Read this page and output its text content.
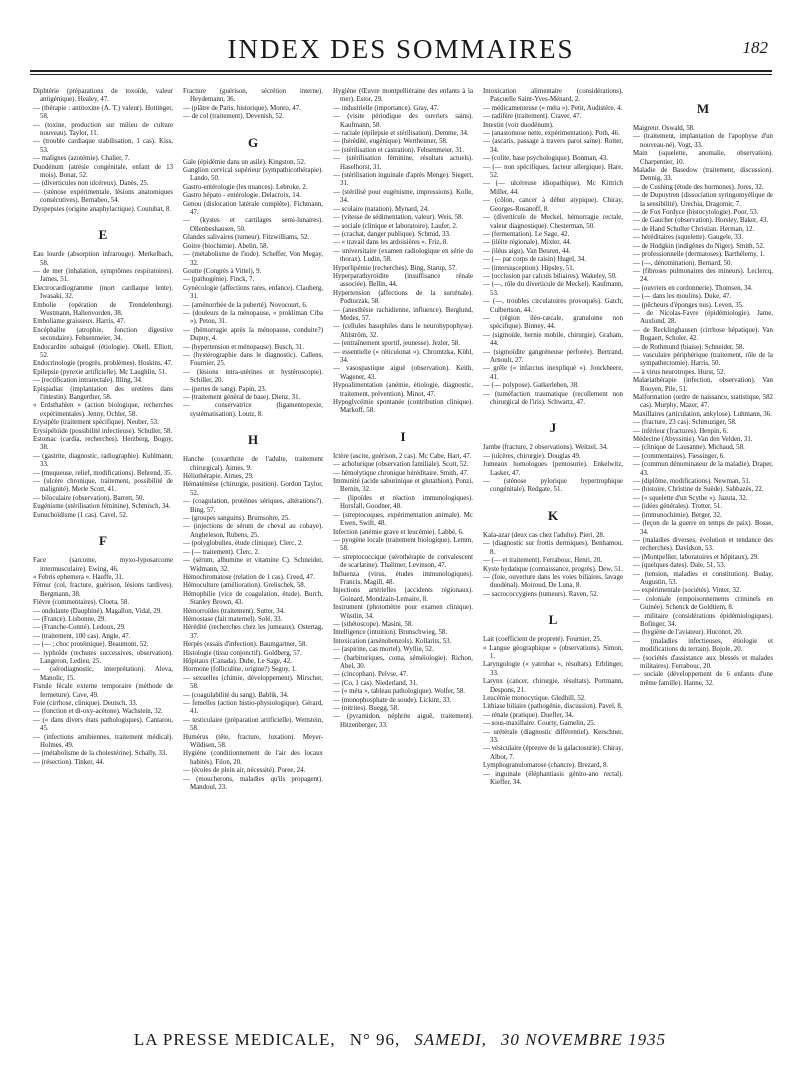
INDEX DES SOMMAIRES	182
Diphtérie (préparations de toxoïde, valeur antigénique). Healey, 47.
— (thérapie : antitoxine (A. T.) valeur). Hottinger, 58.
— (toxine, production sur milieu de culture nouveau). Taylor, 11.
— (trouble cardiaque stabilisation, 1 cas). Kiss, 53.
— malignes (azotémie). Chalier, 7.
Duodénum (atrésie congénitale, enfant de 13 mois). Bonar, 52.
— (diverticules non ulcéreux). Danès, 25.
— (sténose expérimentale, lésions anatomiques consécutives). Bernabeo, 54.
Dyspepsies (origine anaphylactique). Coutubat, 8.
E
Eau lourde (absorption infrarouge). Merkelbach, 58.
— de mer (inhalation, symptômes respiratoires). James, 51.
Electrocardiogramme (mort cardiaque lente). Iwasaki, 32.
Embolie (opération de Trendelenburg). Wustmann, Hallenvorden, 38.
Emboliame graisseux. Harris, 47.
Encéphalite (atrophie, fonction digestive secondaire). Fehsenmeier, 34.
Endocardite subaiguë (étiologie). Okell, Elliott, 52.
Endocrinologie (progrès, problèmes). Hoskins, 47.
Epilepsie (pyrexie artificielle). Mc Laughlin, 51.
— (rectification intrarectale). Illing, 34.
Epispadias (implantation des uretères dans l'intestin). Bangerther, 58.
« Erdsthahlen » (action biologique, recherches expérimentales). Jenny, Ochler, 58.
Erysipèle (traitement spécifique). Neuber, 53.
Erysipéloïde (possibilité infectieuse). Schuller, 58.
Estomac (cardia, recherches). Herzberg, Bogoy, 38.
— (gastrite, diagnostic, radiographie). Kuhlmann, 33.
— (muqueuse, relief, modifications). Behrend, 35.
— (ulcère chronique, traitement, possibilité de malignité). Merle Scott, 41.
— biloculaire (observation). Barrett, 50.
Eugénisme (stérilisation féminine). Schmisch, 34.
Eunuchoïdisme (1 cas). Cavel, 52.
F
Face (sarcome, myxo-lyposarcome intermusculaire). Ewing, 46.
« Febris ephemera ». Hauffe, 31.
Fémur (col, fracture, guérison, lésions tardives). Bergmann, 38.
Fièvre (commentaires). Cloeta, 58.
— ondulante (Dauphiné). Magallon, Vidal, 29.
— (France). Lisbonne, 29.
— (Franche-Comté). Ledoux, 29.
— (traitement, 100 cas). Angle, 47.
— (— ; choc protéinique). Beaumont, 52.
— typhoïde (rechutes successives, observation). Langeron, Ledieu, 25.
— (sérodiagnostic, interprétation). Aleva, Manolic, 15.
Fistule fécale externe temporaire (méthode de fermeture). Cave, 49.
Foie (cirrhose, clinique). Deutsch, 33.
— (fonction et di-oxy-acétone). Wachstein, 32.
— (« dans divers états pathologiques). Cantarou, 45.
— (infections amibiennes, traitement médical). Holmes, 49.
— (métabolisme de la cholestérine). Schally, 33.
— (résection). Tinker, 44.
Fracture (guérison, sécrétion interne). Heydemann, 36.
— (plâtre de Paris, historique). Monro, 47.
— de col (traitement). Devenish, 52.
G
Gale (épidémie dans un asile). Kingston, 52.
Ganglion cervical supérieur (sympathicothérapie). Lando, 50.
Gastro-entérologie (les nuances). Lebroke, 2.
Gastro hépato - entérologie. Delacroix, 14.
Genou (dislocation latérale complète). Fichmann, 47.
— (kystes et cartilages semi-lunaires). Ollenbeshausen, 50.
Glandes salivaires (tumeur). Fitzwilliams, 52.
Goitre (biochimie). Abelin, 58.
— (métabolisme de l'iode). Scheffer, Von Megay, 32.
Goutte (Congrès à Vittel), 9.
— (pathogénie). Finck, 7.
Gynécologie (affections rares, enfance). Clauberg, 31.
— (aménorrhée de la puberté). Novocourt, 6.
— (douleurs de la ménopause, « prokliman Ciba »). Petou, 31.
— (hémorragie après la ménopause, conduite?) Dupuy, 4.
— (hypertension et ménopause). Busch, 31.
— (hystérographie dans le diagnostic). Callens, Fournier, 25.
— (lésions intra-utérines et hystéroscopie). Schiller, 20.
— (pertes de sang). Papin, 23.
— (traitement général de base). Dienz, 31.
— conservatrice (ligamentopexie, systématisation). Loutz, 8.
H
Hanche (coxarthrite de l'adulte, traitement chirurgical). Aimes, 9.
Héliothérapie. Aimes, 29.
Hématémèse (chirurgie, position). Gordon Taylor, 52.
— (coagulation, protéines sériques, altérations?). Bing, 57.
— (groupes sanguins). Brumsohre, 25.
— (injections de sérum de cheval au cobaye). Angheleson, Rubens, 25.
— (polyglobulies, étude clinique). Clerc, 2.
— (— traitement). Clerc, 2.
— (sérum, albumine et vitamine C). Schneider, Widmann, 32.
Hémochromatose (relation de 1 cas). Creed, 47.
Hémoculture (amélioration). Grelischek, 58.
Hémophilie (vice de coagulation, étude). Burch, Stanley Brown, 43.
Hémorroïdes (traitement). Sutter, 34.
Hémostase (fait maternel). Solé, 33.
Hérédité (recherches chez les jumeaux). Ostertag, 37.
Herpès (essais d'infection). Baumgartner, 58.
Histologie (tissu conjonctif). Goldberg, 57.
Hôpitaux (Canada). Dube, Le Sage, 42.
Hormone (folliculine, origine?) Seguy, 1.
— sexuelles (chimie, développement). Mirscher, 58.
— (coagulabilité du sang). Bablik, 34.
— femelles (action histio-physiologique). Gérard, 41.
— testiculaire (préparation artificielle). Wettstein, 58.
Humérus (tête, fracture, luxation). Meyer-Wildisen, 58.
Hygiène (conditionnement de l'air des locaux habités). Filon, 20.
— (écoles de plein air, nécessité). Poree, 24.
— (moucherons, maladies qu'ils propagent). Mandoul, 23.
Hygiène (Œuvre montpelliéraine des enfants à la mer). Estor, 29.
— industrielle (importance). Gray, 47.
— (visite périodique des ouvriers sains). Kaufmann, 58.
— raciale (épilepsie et stérilisation). Demme, 34.
— (hérédité, eugénique). Wertheimer, 58.
— (stérilisation et castration). Fehsenmeier, 31.
— (stérilisation féminine, résultats actuels). Haselhorst, 31.
— (stérilisation inguinale d'après Menge). Siegert, 31.
— (stérilisé pour eugénisme, impressions). Kolle, 34.
— scolaire (natation). Mynard, 24.
— (vitesse de sédimentation, valeur). Weis, 58.
— sociale (clinique et laboratoire). Laufer, 2.
— (crachat, danger publique). Schmid, 33.
— « travail dans les ardoisières ». Friz, 8.
— universitaire (examen radiologique en série du thorax). Ludin, 58.
Hyperlipémie (recherches). Bing, Starup, 57.
Hyperparathyroïdite (insuffisance rénale associée). Bellin, 44.
Hypertension (affections de la surrénale). Podtorzak, 58.
— (anesthésie rachidienne, influence). Berglund, Medes, 57.
— (cellules basophiles dans le neurohypophyse). Ahlström, 32.
— (entraînement sportif, jeunesse). Jezler, 58.
— essentielle (« réticulonat »). Chromtzka, Kühl, 34.
— vasospastique aiguë (observation). Keith, Wagener, 43.
Hypoalimentation (anémie, étiologie, diagnostic, traitement, prévention). Minot, 47.
Hypoglycémie spontanée (contribution clinique). Markoff, 58.
I
Ictère (ascite, guérison, 2 cas). Mc Cabe, Hart, 47.
— acholurique (observation familiale). Scott, 52.
— hémolytique chronique héréditaire. Smith, 47.
Immunité (acide saburinique et glutathion). Ponzi, Bernin, 32.
— (lipoïdes et réaction immunologiques). Horsfall, Goodner, 48.
— (streptocoques, expérimentation animale). Mc Ewen, Swift, 48.
Infection (anémie grave et leucémie). Labbé, 6.
— pyogène locale (traitement biologique). Lemm, 58.
— streptococcique (sérothérapie de convalescent de scarlatine). Thalimer, Levinson, 47.
Influenza (virus, études immunologiques). Francis, Magill, 48.
Injections artérielles (accidents régionaux). Goinard, Mondzain-Lemaire, 8.
Instrument (photomètre pour examen clinique). Wüstlin, 34.
— (sthétoscope). Masini, 58.
Intelligence (intuition). Brunschwieg, 58.
Intoxication (arsénobenzols). Kollarits, 53.
— (aspirine, cas mortel). Wyllie, 52.
— (barbituriques, coma, séméiologie). Richon, Abel, 30.
— (cincophan). Pelvse, 47.
— (Co, 1 cas). Niederland, 31.
— (« méta », tableau pathologique). Wolfer, 58.
— (monophosphate de soude). Lickint, 33.
— (nitrites). Buegg, 58.
— (pyramidon, néphrite aiguë, traitement). Hitzenberger, 33.
Intoxication alimentaire (considérations). Pascuelle Saint-Yves-Ménard, 2.
— médicamenteuse (« méta »). Petit, Audistère, 4.
— radifère (traitement). Craver, 47.
Intestin (voir duodénum).
— (anastomose nette, expérimentation). Poth, 46.
— (ascaris, passage à travers paroi saine). Rotter, 34.
— (colite, base psychologique). Bonman, 43.
— (— non spécifiques, facteur allergique). Hare, 52.
— (— ulcéreuse idiopathique). Mc Kittrich Miller, 44.
— (côlon, cancer à début atypique). Chiray, Georges-Rosanoff, 8.
— (diverticule de Meckel, hémorragie rectale, valeur diagnostique). Chesterman, 50.
— (fermentation). Le Sage, 42.
— (iléite régionale). Mixter, 44.
— (iléus aigu). Van Beuren, 44.
— (— par corps de raisin) Hugel, 34.
— (intersusception). Hipsley, 51.
— (occlusion par calculs biliaires). Wakeley, 50.
— (—, rôle du diverticule de Meckel). Kaufmann, 53.
— (—, troubles circulatoires provoqués). Gatch, Culbertson, 44.
— (région iléo-cæcale, granulome non spécifique). Binney, 44.
— (sigmoïde, hernie mobile, chirurgie). Graham, 44.
— (sigmoïdite gangréneuse perforée). Bertrand, Arnoult, 27.
— grêle (« infarctus inexpliqué »). Jonckheere, 41.
— (— polypose). Gatkerleben, 38.
— (tuméfaction traumatique (recollement non chirurgical de l'iris). Schwartz, 47.
J
Jambe (fracture, 2 observations). Weitzel, 34.
— (ulcères, chirurgie). Douglas 49.
Jumeaux homologues (pentosurie). Enkelwitz, Lasker, 47.
— (sténose pylorique hypertrophique congénitale). Redgate, 51.
K
Kala-azar (deux cas chez l'adulte). Pieri, 28.
— (diagnostic sur frottis dermiques). Benhamou, 8.
— (— et traitement). Ferrabouc, Henri, 20.
Kyste hydatique (connaissance, progrès). Dew, 51.
— (foie, ouverture dans les voies biliaires, lavage duodénal). Moiroud, De Luna, 8.
— sacrococcygiens (tumeurs). Raven, 52.
L
Lait (coefficient de propreté). Fournier, 25.
« Langue géographique » (observations). Simon, 1.
Laryngologie (« yatrobar », résultats). Erblinger, 33.
Larynx (cancer, chirurgie, résultats). Portmann, Despons, 21.
Leucémie monocytique. Gledhill, 52.
Lithiase biliaire (pathogénie, discussion). Pavel, 8.
— rénale (pratique). Duefler, 34.
— sous-maxillaire. Courty, Gamelin, 25.
— urétérale (diagnostic différentiel). Kerschner, 33.
— vésiculaire (épreuve de la galactosurie). Chiray, Albot, 7.
Lymphogranulomatose (chancre). Brezard, 8.
— inguinale (éléphantiasis génito-ano rectal). Kieffer, 34.
M
Maigreur. Oswald, 58.
— (traitement, implantation de l'apophyse d'un nouveau-né). Vogt, 33.
Main (squelette, anomalie, observation). Charpentier, 10.
Maladie de Basedow (traitement, discussion). Dennig, 33.
— de Cushing (étude des hormones). Jores, 32.
— de Dupuytren (dissociation syringomyélique de la sensibilité). Urechia, Dragomir, 7.
— de Fox Fordyce (histocytologie). Poor, 53.
— de Gaucher (observation). Horsley, Baker, 43.
— de Hand Schuller Christian. Herman, 12.
— héréditaires (squelette). Gaugele, 33.
— de Hodgkin (indigènes du Niger). Smith, 52.
— professionnelle (dermatoses). Barthélemy, 1.
— (—, dénomination). Bernard, 50.
— (fibroses pulmonaires des mineurs). Leclercq, 24.
— (ouvriers en cordonnerie). Thomsen, 34.
— (— dans les moulins). Duke, 47.
— (pêcheurs d'éponges nus). Leven, 35.
— de Nicolas-Favre (épidémiologie). Jame, Auxlund, 28.
— de Recklinghausen (cirrhose hépatique). Van Bogaert, Scholer, 42.
— de Rothmund (biaise). Schneider, 58.
— vasculaire périphérique (traitement, rôle de la sympathectomie). Harris, 50.
— à virus neurotropes. Hurst, 52.
Malariathérapie (infection, observation). Van Rooyen, Pile, 51.
Malformation (ordre de naissance, statistique, 582 cas). Murphy, Mazer, 47.
Maxillaires (articulation, ankylose). Luhmann, 36.
— (fracture, 23 cas). Schmuziger, 58.
— inférieur (fractures). Henpin, 6.
Médecine (Abyssinie). Van den Velden, 31.
— (clinique de Lausanne). Michaud, 58.
— (commentaires). Fiessinger, 6.
— (commun dénominateur de la maladie). Draper, 43.
— (diplôme, modifications). Newman, 51.
— (histoire, Christine de Suède). Sabbazès, 22.
— (« squelette d'un Scythe »). Jazuta, 32.
— (idées générales). Trotter, 51.
— (immunochimie). Berger, 32.
— (leçon de la guerre en temps de paix). Bosse, 34.
— (maladies diverses, évolution et tendance des recherches). Davidson, 53.
— (Montpellier, laboratoires et hôpitaux), 29.
— (quelques dates). Dale, 51, 53.
— (tension, maladies et constitution). Buday, Augustin, 53.
— expérimentale (sociétés). Vinter, 32.
— coloniale (empoisonnements criminels en Guinée). Schenck de Goldtiem, 8.
— militaire (considérations épidémiologiques). Bofinger, 34.
— (hygiène de l'aviateur). Huconot, 20.
— (maladies infectieuses, étiologie et modifications du terrain). Bojole, 20.
— (sociétés d'assistance aux blessés et malades militaires). Ferrabouc, 20.
— sociale (développement de 6 enfants d'une même famille). Hanne, 32.
LA PRESSE MEDICALE, N° 96, SAMEDI, 30 NOVEMBRE 1935
